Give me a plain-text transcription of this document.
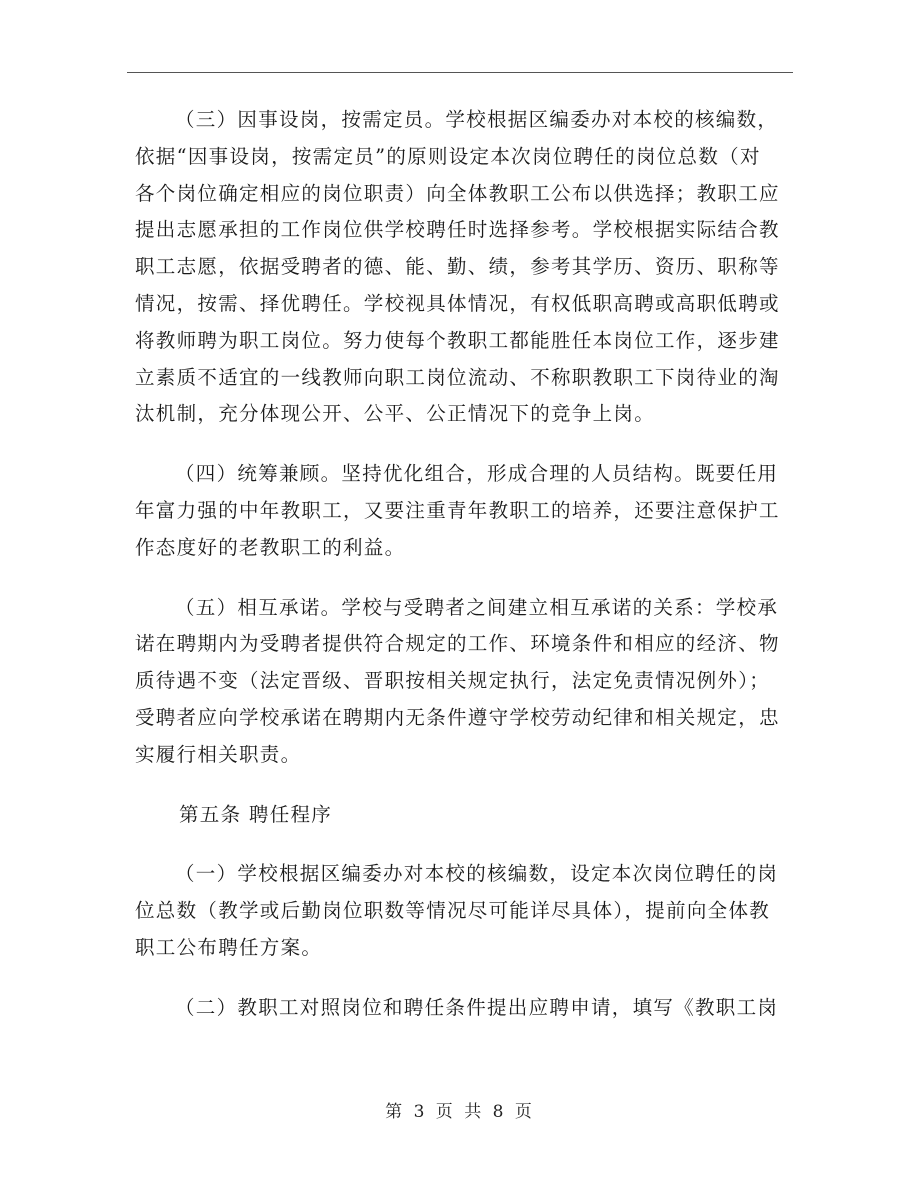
（三）因事设岗，按需定员。学校根据区编委办对本校的核编数，
依据“因事设岗，按需定员”的原则设定本次岗位聘任的岗位总数（对
各个岗位确定相应的岗位职责）向全体教职工公布以供选择；教职工应
提出志愿承担的工作岗位供学校聘任时选择参考。学校根据实际结合教
职工志愿，依据受聘者的德、能、勤、绩，参考其学历、资历、职称等
情况，按需、择优聘任。学校视具体情况，有权低职高聘或高职低聘或
将教师聘为职工岗位。努力使每个教职工都能胜任本岗位工作，逐步建
立素质不适宜的一线教师向职工岗位流动、不称职教职工下岗待业的淘
汰机制，充分体现公开、公平、公正情况下的竞争上岗。

（四）统筹兼顾。坚持优化组合，形成合理的人员结构。既要任用
年富力强的中年教职工，又要注重青年教职工的培养，还要注意保护工
作态度好的老教职工的利益。

（五）相互承诺。学校与受聘者之间建立相互承诺的关系：学校承
诺在聘期内为受聘者提供符合规定的工作、环境条件和相应的经济、物
质待遇不变（法定晋级、晋职按相关规定执行，法定免责情况例外）；
受聘者应向学校承诺在聘期内无条件遵守学校劳动纪律和相关规定，忠
实履行相关职责。

第五条 聘任程序

（一）学校根据区编委办对本校的核编数，设定本次岗位聘任的岗
位总数（教学或后勤岗位职数等情况尽可能详尽具体），提前向全体教
职工公布聘任方案。

（二）教职工对照岗位和聘任条件提出应聘申请，填写《教职工岗

第 3 页 共 8 页
